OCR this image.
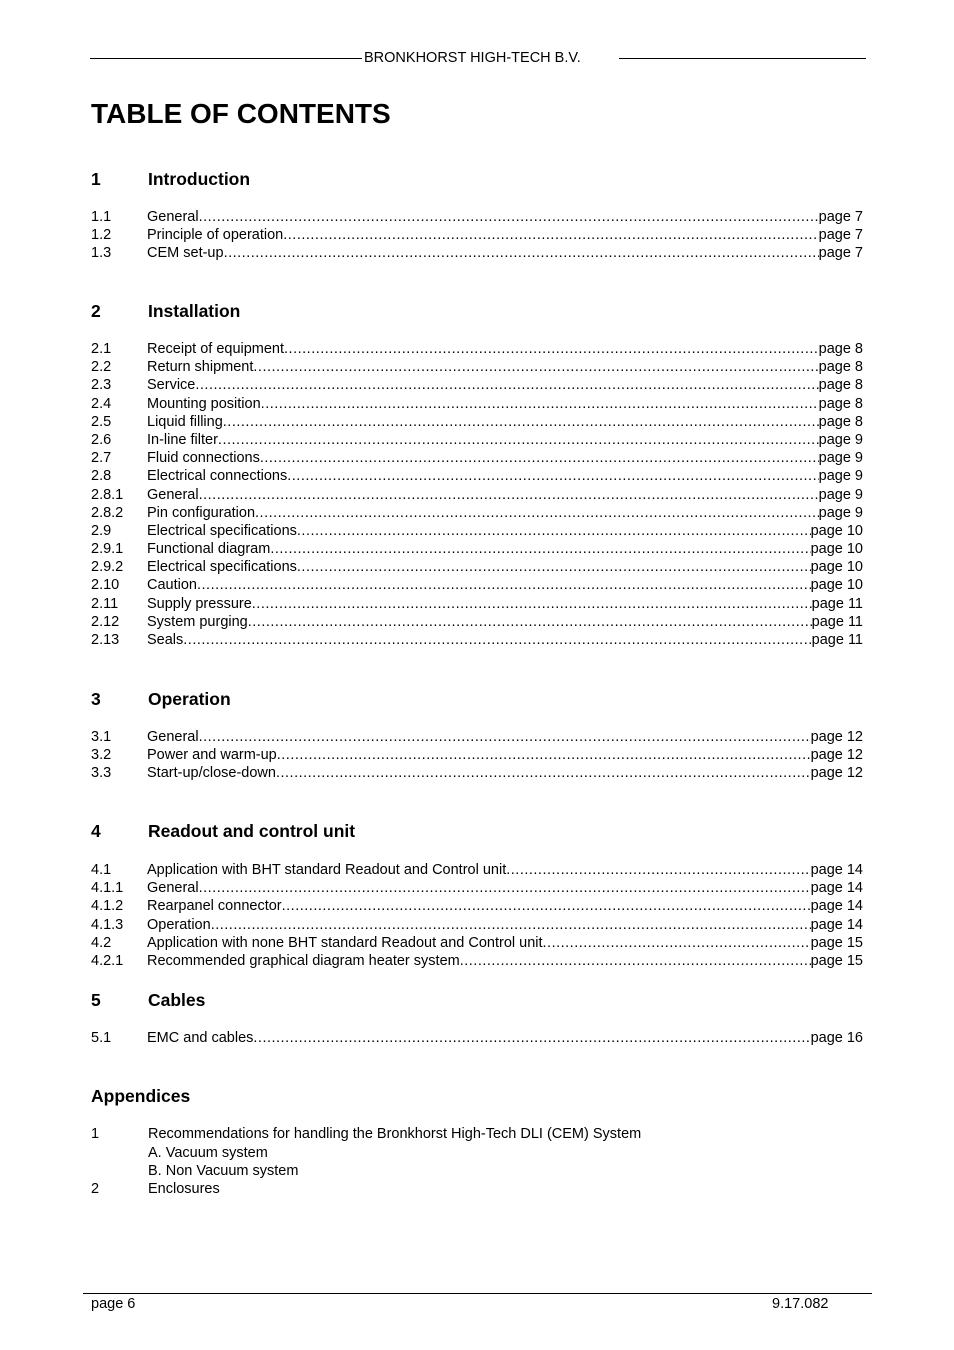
BRONKHORST HIGH-TECH B.V.
TABLE OF CONTENTS
1	Introduction
1.1 General .....	page 7
1.2 Principle of operation .....	page 7
1.3 CEM set-up .....	page 7
2	Installation
2.1 Receipt of equipment .....	page 8
2.2 Return shipment .....	page 8
2.3 Service .....	page 8
2.4 Mounting position .....	page 8
2.5 Liquid filling .....	page 8
2.6 In-line filter .....	page 9
2.7 Fluid connections .....	page 9
2.8 Electrical connections .....	page 9
2.8.1 General .....	page 9
2.8.2 Pin configuration .....	page 9
2.9 Electrical specifications .....	page 10
2.9.1 Functional diagram .....	page 10
2.9.2 Electrical specifications .....	page 10
2.10 Caution .....	page 10
2.11 Supply pressure .....	page 11
2.12 System purging .....	page 11
2.13 Seals .....	page 11
3	Operation
3.1 General .....	page 12
3.2 Power and warm-up .....	page 12
3.3 Start-up/close-down .....	page 12
4	Readout and control unit
4.1 Application with BHT standard Readout and Control unit .....	page 14
4.1.1 General .....	page 14
4.1.2 Rearpanel connector .....	page 14
4.1.3 Operation .....	page 14
4.2 Application with none BHT standard Readout and Control unit .....	page 15
4.2.1 Recommended graphical diagram heater system .....	page 15
5	Cables
5.1 EMC and cables .....	page 16
Appendices
1	Recommendations for handling the Bronkhorst High-Tech DLI (CEM) System
A. Vacuum system
B. Non Vacuum system
2	Enclosures
page 6	9.17.082
